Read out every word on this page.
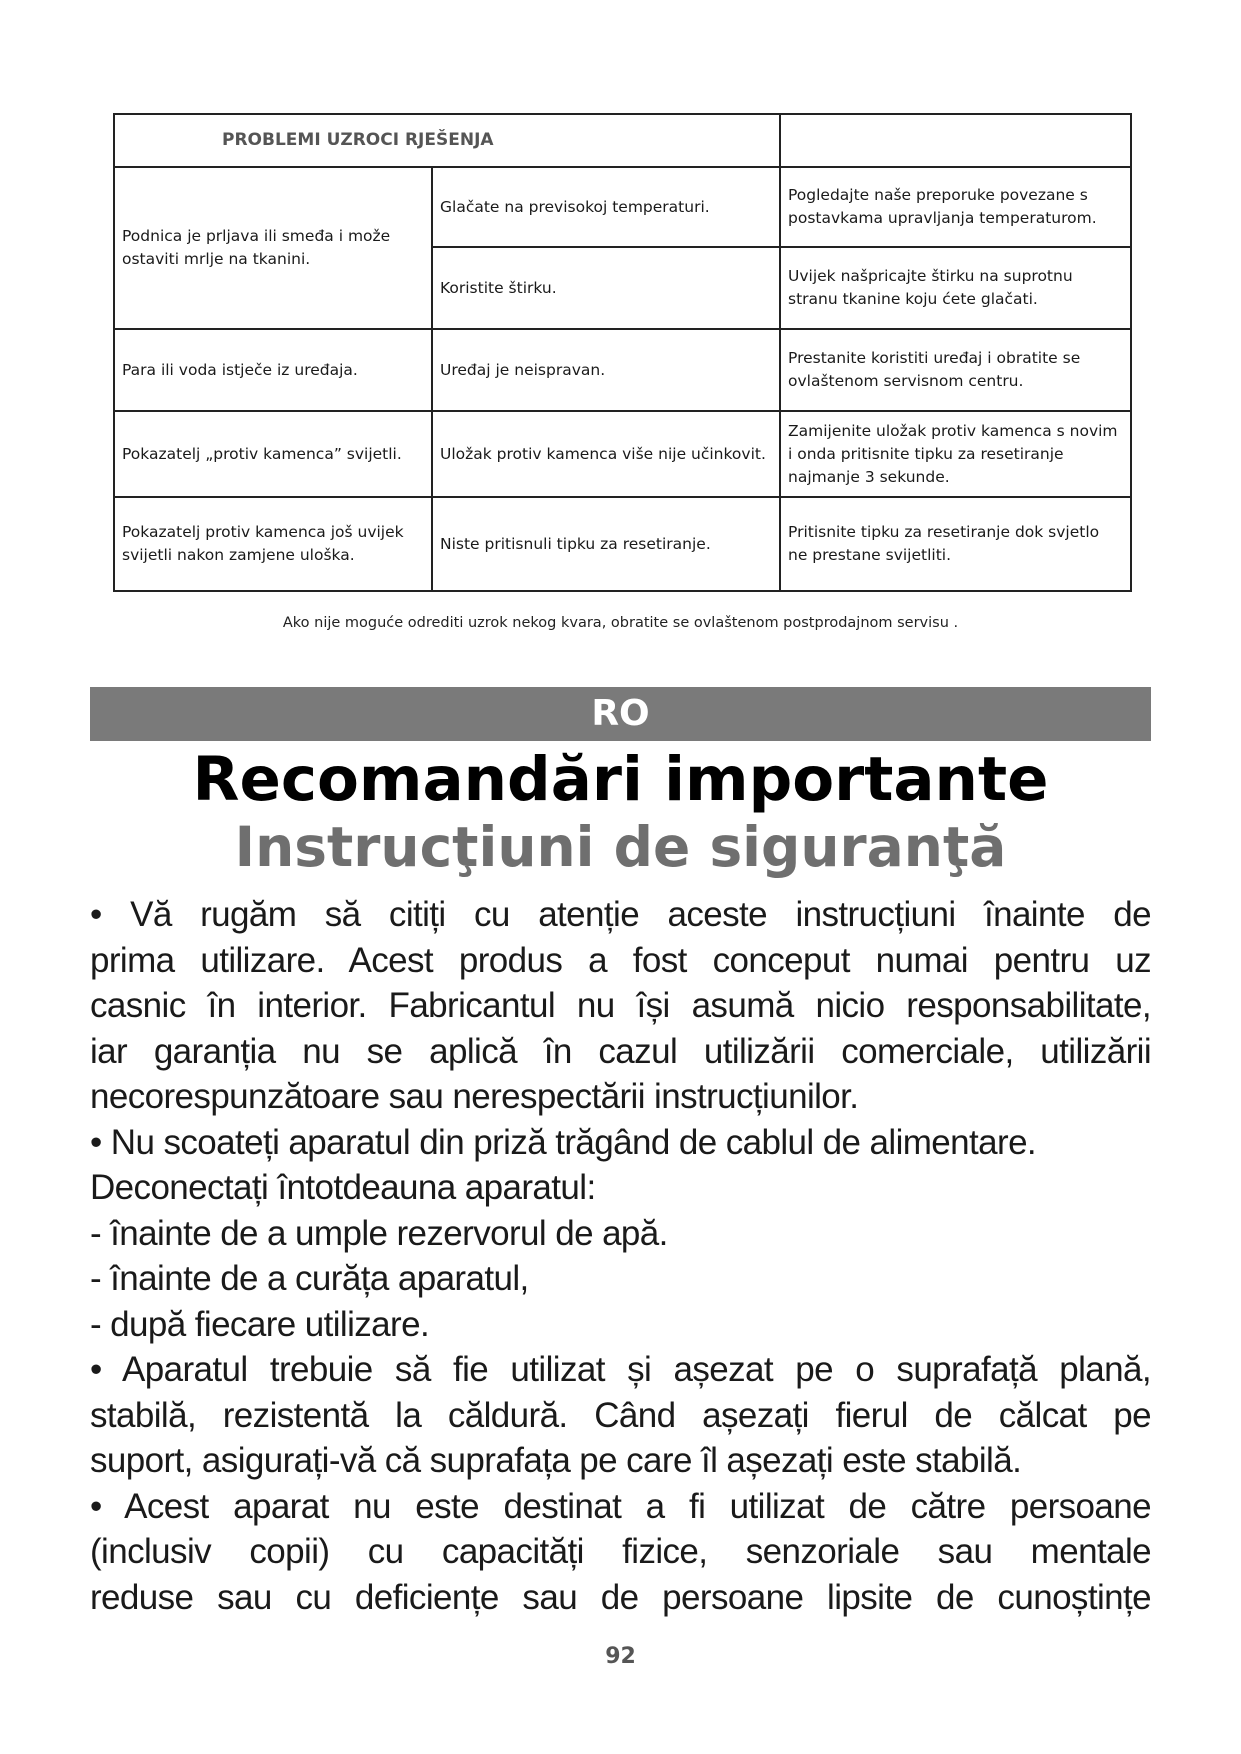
PROBLEMI UZROCI RJEŠENJA		

Podnica je prljava ili smeđa i može ostaviti mrlje na tkanini.	Glačate na previsokoj temperaturi.	Pogledajte naše preporuke povezane s postavkama upravljanja temperaturom.
	Koristite štirku.	Uvijek našpricajte štirku na suprotnu stranu tkanine koju ćete glačati.
Para ili voda istječe iz uređaja.	Uređaj je neispravan.	Prestanite koristiti uređaj i obratite se ovlaštenom servisnom centru.
Pokazatelj „protiv kamenca” svijetli.	Uložak protiv kamenca više nije učinkovit.	Zamijenite uložak protiv kamenca s novim i onda pritisnite tipku za resetiranje najmanje 3 sekunde.
Pokazatelj protiv kamenca još uvijek svijetli nakon zamjene uloška.	Niste pritisnuli tipku za resetiranje.	Pritisnite tipku za resetiranje dok svjetlo ne prestane svijetliti.
Ako nije moguće odrediti uzrok nekog kvara, obratite se ovlaštenom postprodajnom servisu .
RO
Recomandări importante
Instrucţiuni de siguranţă

• Vă rugăm să citiți cu atenție aceste instrucțiuni înainte de

prima utilizare. Acest produs a fost conceput numai pentru uz

casnic în interior. Fabricantul nu își asumă nicio responsabilitate,

iar garanția nu se aplică în cazul utilizării comerciale, utilizării

necorespunzătoare sau nerespectării instrucțiunilor.

• Nu scoateți aparatul din priză trăgând de cablul de alimentare.

Deconectați întotdeauna aparatul:

- înainte de a umple rezervorul de apă.

- înainte de a curăța aparatul,

- după fiecare utilizare.

• Aparatul trebuie să fie utilizat și așezat pe o suprafață plană,

stabilă, rezistentă la căldură. Când așezați fierul de călcat pe

suport, asigurați-vă că suprafața pe care îl așezați este stabilă.

• Acest aparat nu este destinat a fi utilizat de către persoane

(inclusiv copii) cu capacități fizice, senzoriale sau mentale

reduse sau cu deficiențe sau de persoane lipsite de cunoștințe

92
